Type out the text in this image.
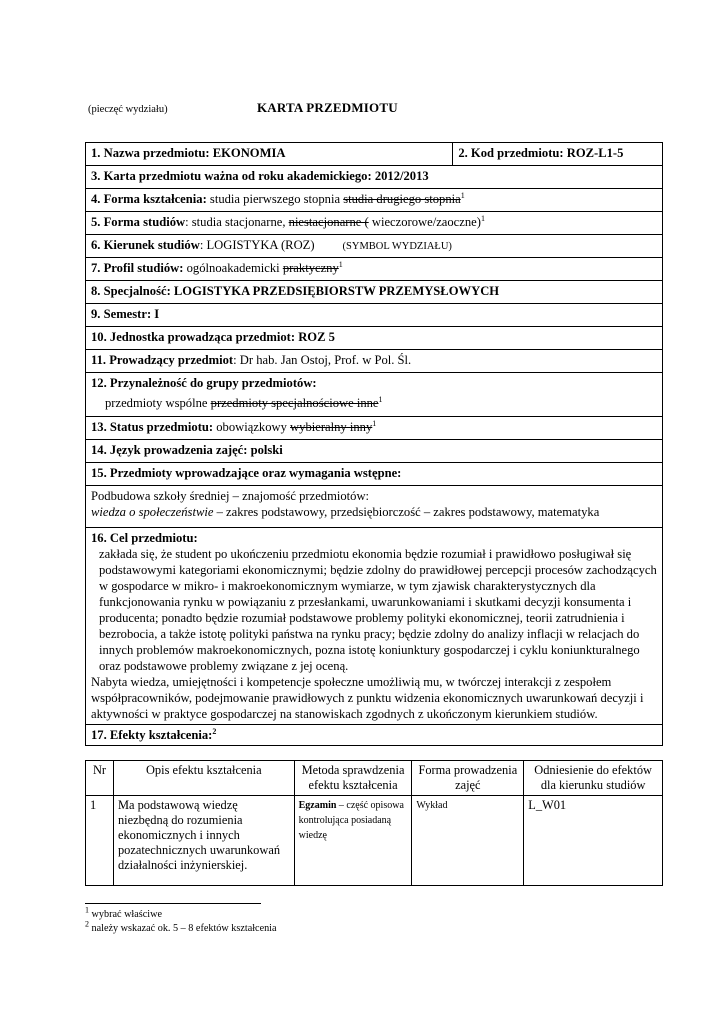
(pieczęć wydziału)	KARTA PRZEDMIOTU
1. Nazwa przedmiotu: EKONOMIA	2. Kod przedmiotu: ROZ-L1-5
3. Karta przedmiotu ważna od roku akademickiego: 2012/2013
4. Forma kształcenia: studia pierwszego stopnia studia drugiego stopnia$^1$
5. Forma studiów: studia stacjonarne, niestacjonarne ( wieczorowe/zaoczne)$^1$
6. Kierunek studiów: LOGISTYKA (ROZ)	(SYMBOL WYDZIAŁU)
7. Profil studiów: ogólnoakademicki praktyczny$^1$
8. Specjalność: LOGISTYKA PRZEDSIĘBIORSTW PRZEMYSŁOWYCH
9. Semestr: I
10. Jednostka prowadząca przedmiot: ROZ 5
11. Prowadzący przedmiot: Dr hab. Jan Ostoj, Prof. w Pol. Śl.

12. Przynależność do grupy przedmiotów:
przedmioty wspólne przedmioty specjalnościowe inne$^1$
13. Status przedmiotu: obowiązkowy wybieralny inny$^1$
14. Język prowadzenia zajęć: polski
15. Przedmioty wprowadzające oraz wymagania wstępne:

Podbudowa szkoły średniej – znajomość przedmiotów:
wiedza o społeczeństwie – zakres podstawowy, przedsiębiorczość – zakres podstawowy, matematyka

16. Cel przedmiotu:

zakłada się, że student po ukończeniu przedmiotu ekonomia będzie rozumiał i prawidłowo posługiwał się podstawowymi kategoriami ekonomicznymi; będzie zdolny do prawidłowej percepcji procesów zachodzących w gospodarce w mikro- i makroekonomicznym wymiarze, w tym zjawisk charakterystycznych dla funkcjonowania rynku w powiązaniu z przesłankami, uwarunkowaniami i skutkami decyzji konsumenta i producenta; ponadto będzie rozumiał podstawowe problemy polityki ekonomicznej, teorii zatrudnienia i bezrobocia, a także istotę polityki państwa na rynku pracy; będzie zdolny do analizy inflacji w relacjach do innych problemów makroekonomicznych, pozna istotę koniunktury gospodarczej i cyklu koniunkturalnego oraz podstawowe problemy związane z jej oceną.

Nabyta wiedza, umiejętności i kompetencje społeczne umożliwią mu, w twórczej interakcji z zespołem współpracowników, podejmowanie prawidłowych z punktu widzenia ekonomicznych uwarunkowań decyzji i aktywności w praktyce gospodarczej na stanowiskach zgodnych z ukończonym kierunkiem studiów.

17. Efekty kształcenia:$^2$
Nr	Opis efektu kształcenia	Metoda sprawdzenia efektu kształcenia	Forma prowadzenia zajęć	Odniesienie do efektów dla kierunku studiów
1	Ma podstawową wiedzę niezbędną do rozumienia ekonomicznych i innych pozatechnicznych uwarunkowań działalności inżynierskiej.	Egzamin – część opisowa kontrolująca posiadaną wiedzę	Wykład	L_W01
$^1$ wybrać właściwe
$^2$ należy wskazać ok. 5 – 8 efektów kształcenia
